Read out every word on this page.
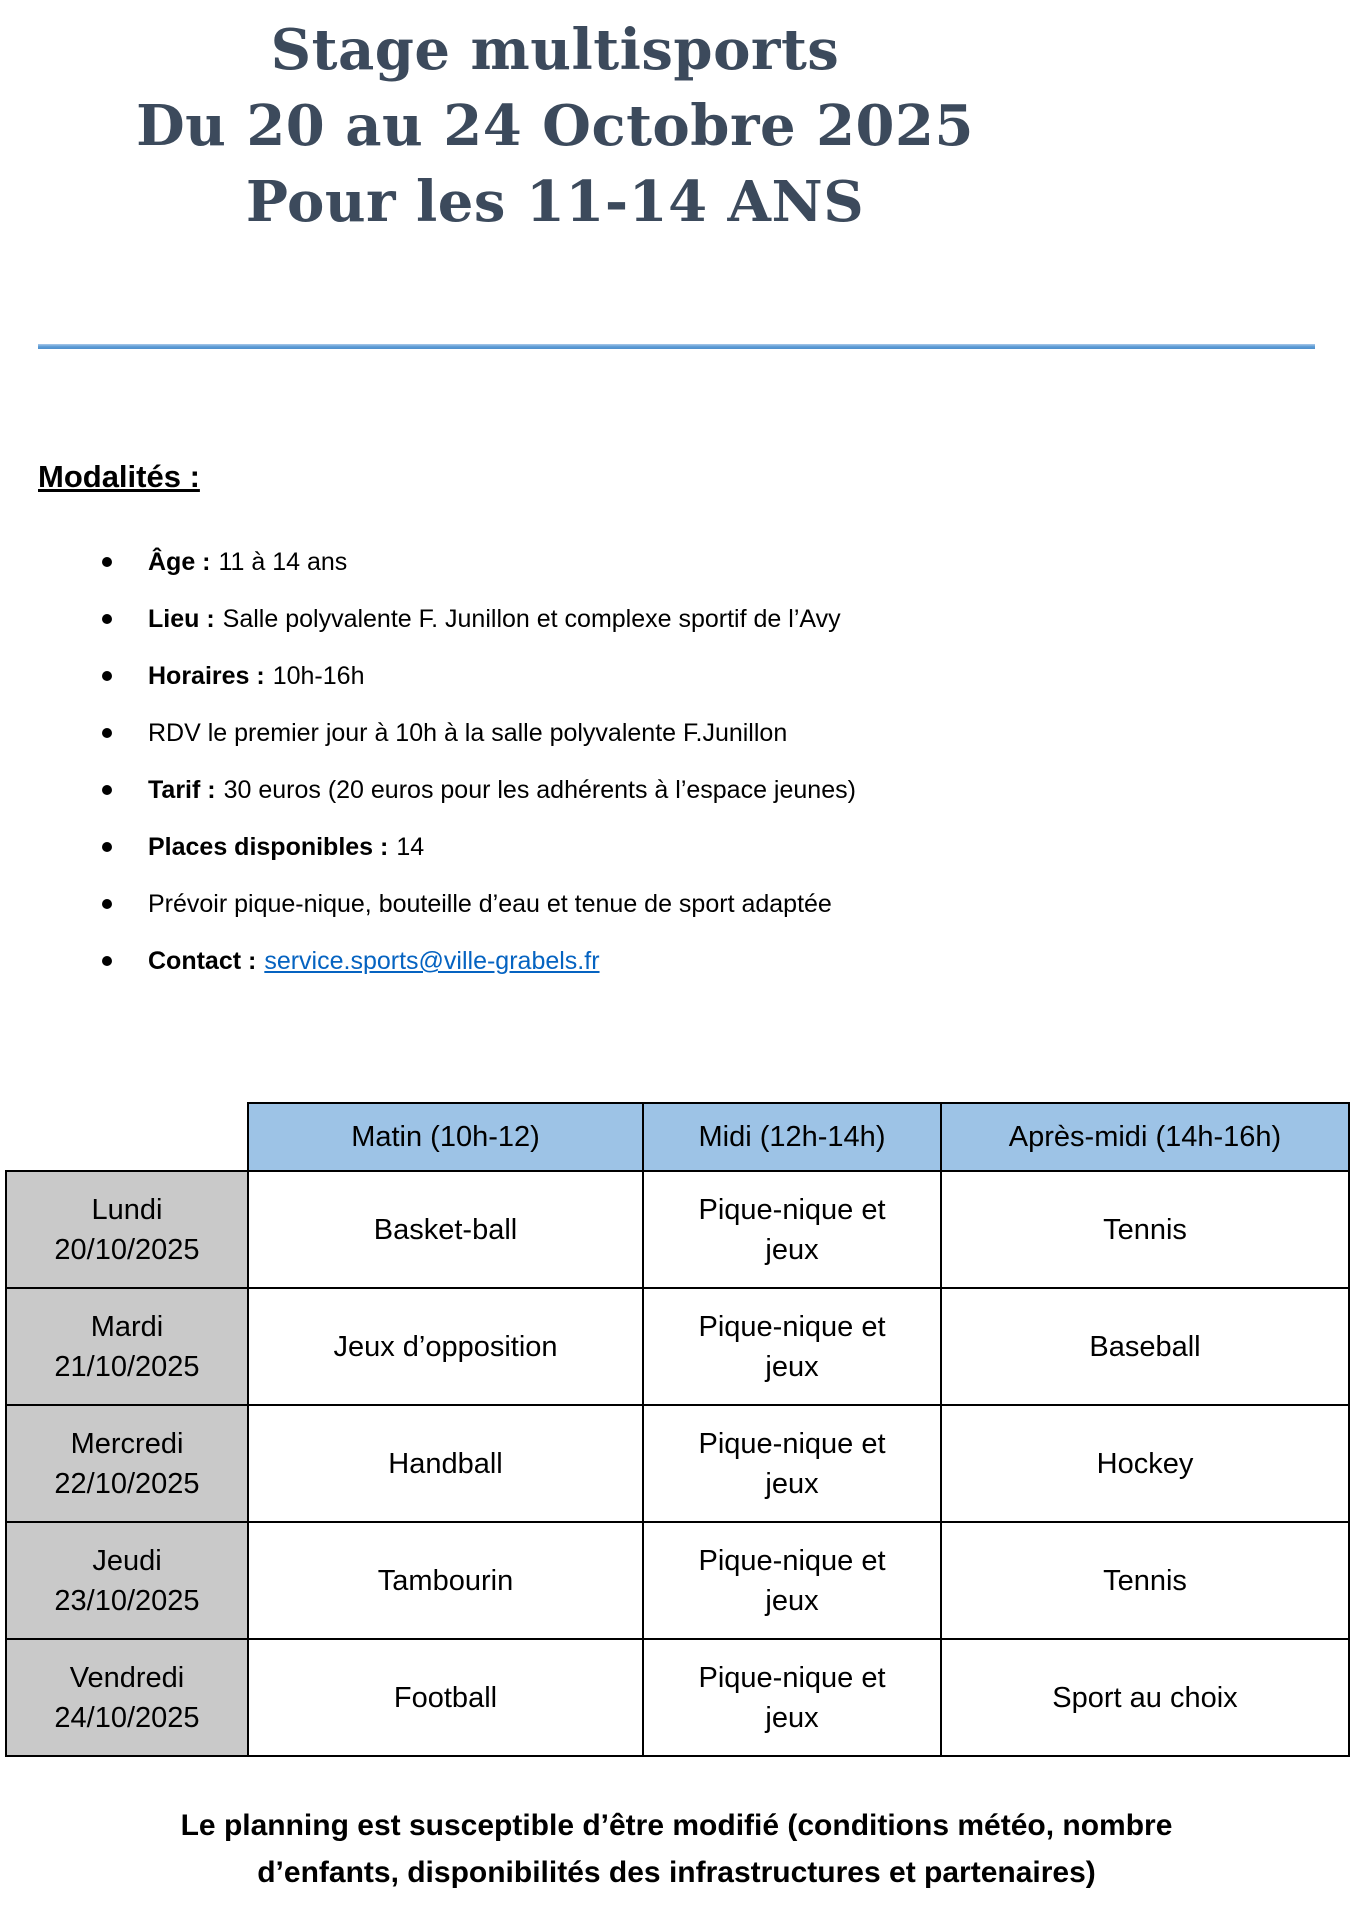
Stage multisports
Du 20 au 24 Octobre 2025
Pour les 11-14 ANS
Modalités :
Âge : 11 à 14 ans
Lieu : Salle polyvalente F. Junillon et complexe sportif de l’Avy
Horaires : 10h-16h
RDV le premier jour à 10h à la salle polyvalente F.Junillon
Tarif : 30 euros (20 euros pour les adhérents à l’espace jeunes)
Places disponibles : 14
Prévoir pique-nique, bouteille d’eau et tenue de sport adaptée
Contact : service.sports@ville-grabels.fr
	Matin (10h-12)	Midi (12h-14h)	Après-midi (14h-16h)

Lundi
20/10/2025	Basket-ball	Pique-nique et jeux	Tennis

Mardi
21/10/2025	Jeux d’opposition	Pique-nique et jeux	Baseball

Mercredi
22/10/2025	Handball	Pique-nique et jeux	Hockey

Jeudi
23/10/2025	Tambourin	Pique-nique et jeux	Tennis

Vendredi
24/10/2025	Football	Pique-nique et jeux	Sport au choix
Le planning est susceptible d’être modifié (conditions météo, nombre
d’enfants, disponibilités des infrastructures et partenaires)
